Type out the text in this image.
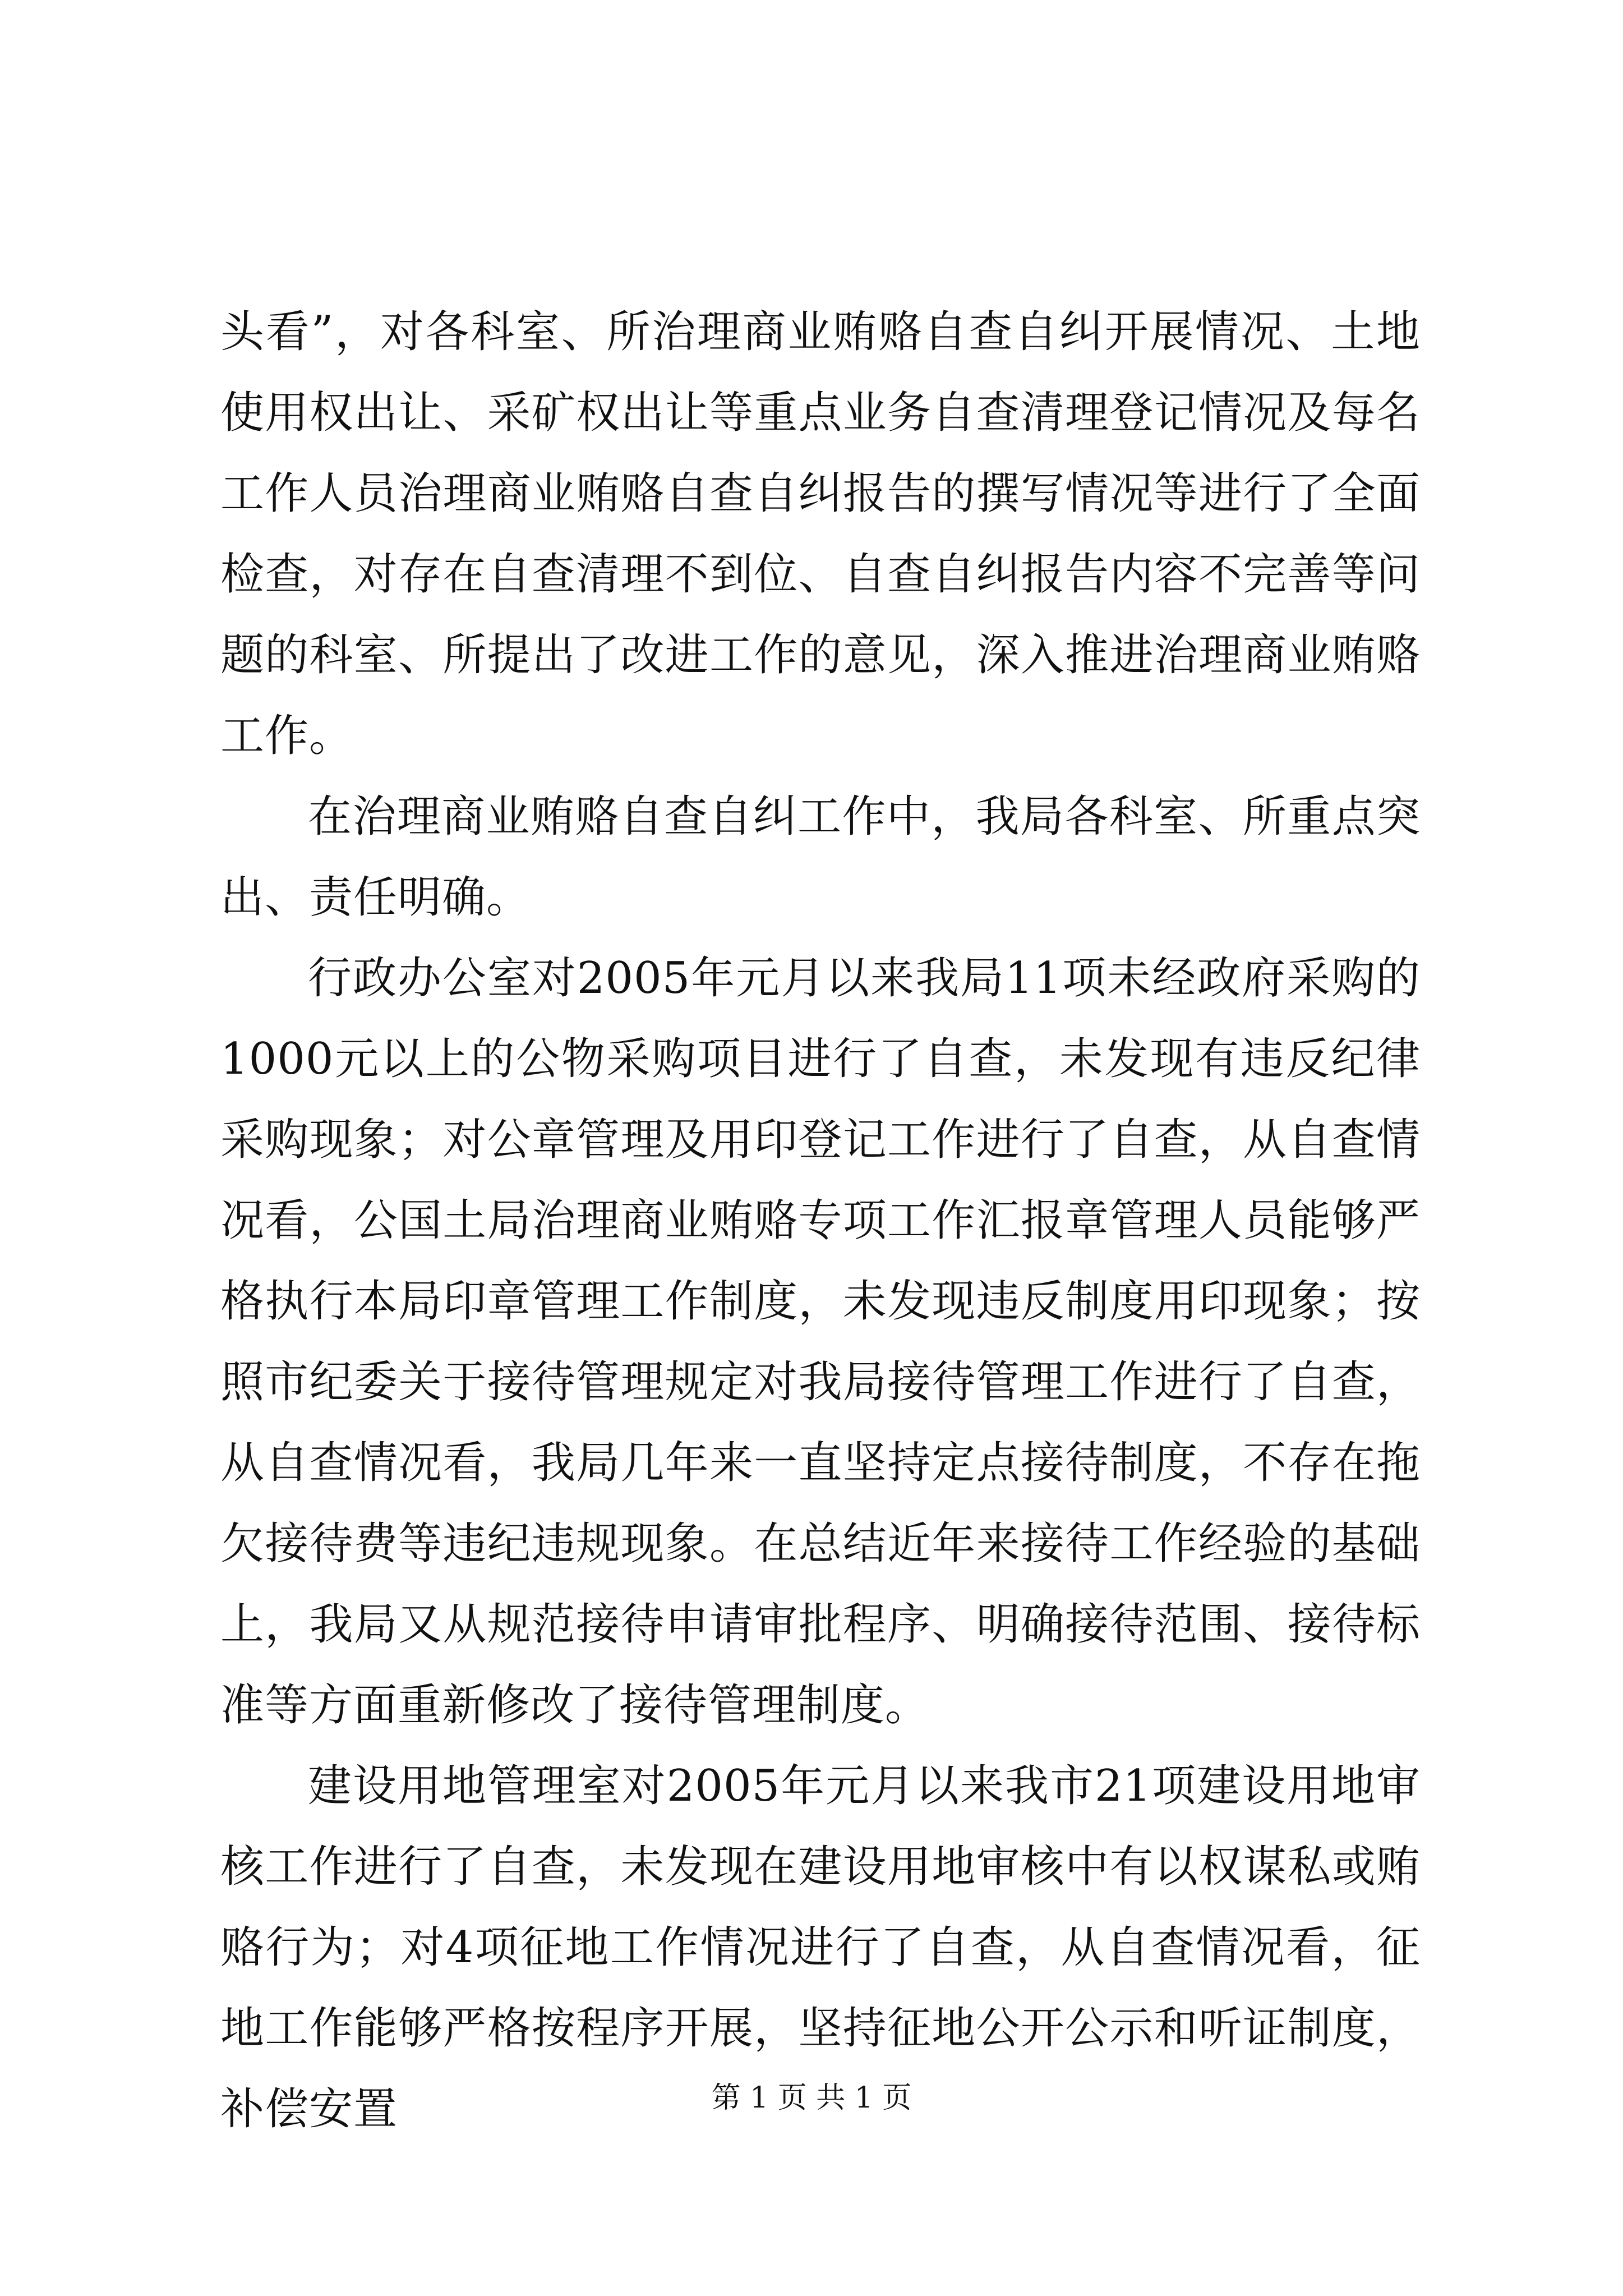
头看”，对各科室、所治理商业贿赂自查自纠开展情况、土地使用权出让、采矿权出让等重点业务自查清理登记情况及每名工作人员治理商业贿赂自查自纠报告的撰写情况等进行了全面检查，对存在自查清理不到位、自查自纠报告内容不完善等问题的科室、所提出了改进工作的意见，深入推进治理商业贿赂工作。

在治理商业贿赂自查自纠工作中，我局各科室、所重点突出、责任明确。

行政办公室对2005年元月以来我局11项未经政府采购的1000元以上的公物采购项目进行了自查，未发现有违反纪律采购现象；对公章管理及用印登记工作进行了自查，从自查情况看，公国土局治理商业贿赂专项工作汇报章管理人员能够严格执行本局印章管理工作制度，未发现违反制度用印现象；按照市纪委关于接待管理规定对我局接待管理工作进行了自查，从自查情况看，我局几年来一直坚持定点接待制度，不存在拖欠接待费等违纪违规现象。在总结近年来接待工作经验的基础上，我局又从规范接待申请审批程序、明确接待范围、接待标准等方面重新修改了接待管理制度。

建设用地管理室对2005年元月以来我市21项建设用地审核工作进行了自查，未发现在建设用地审核中有以权谋私或贿赂行为；对4项征地工作情况进行了自查，从自查情况看，征地工作能够严格按程序开展，坚持征地公开公示和听证制度，补偿安置	第 1 页 共 1 页
